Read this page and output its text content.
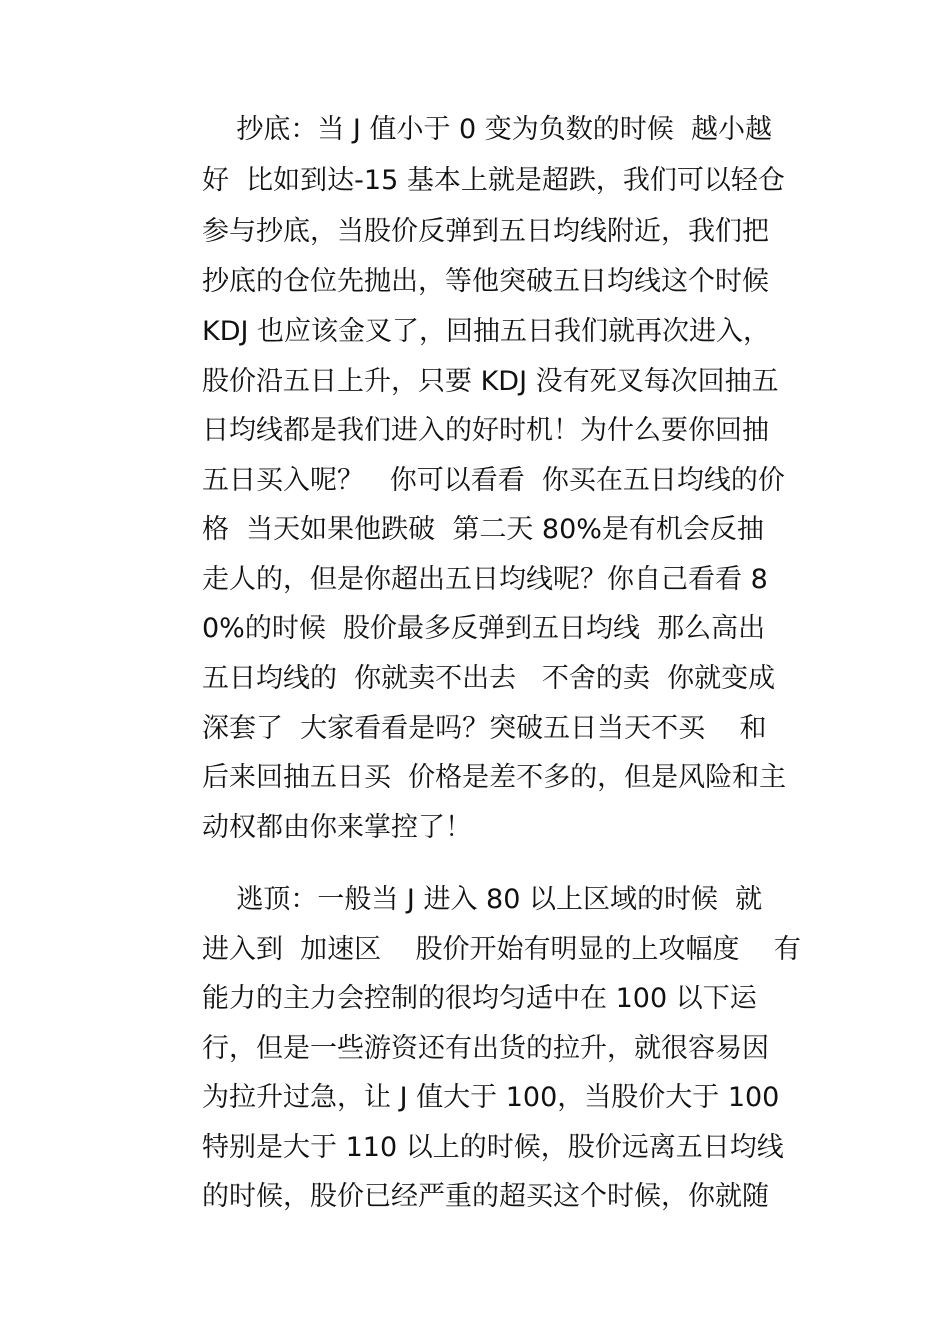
抄底：当 J 值小于 0 变为负数的时候  越小越
好  比如到达-15 基本上就是超跌，我们可以轻仓
参与抄底，当股价反弹到五日均线附近，我们把
抄底的仓位先抛出，等他突破五日均线这个时候
KDJ 也应该金叉了，回抽五日我们就再次进入，
股价沿五日上升，只要 KDJ 没有死叉每次回抽五
日均线都是我们进入的好时机！为什么要你回抽
五日买入呢？   你可以看看  你买在五日均线的价
格  当天如果他跌破  第二天 80%是有机会反抽
走人的，但是你超出五日均线呢？你自己看看 8
0%的时候  股价最多反弹到五日均线  那么高出
五日均线的  你就卖不出去   不舍的卖  你就变成
深套了  大家看看是吗？突破五日当天不买    和
后来回抽五日买  价格是差不多的，但是风险和主
动权都由你来掌控了！
逃顶：一般当 J 进入 80 以上区域的时候  就
进入到  加速区    股价开始有明显的上攻幅度    有
能力的主力会控制的很均匀适中在 100 以下运
行，但是一些游资还有出货的拉升，就很容易因
为拉升过急，让 J 值大于 100，当股价大于 100
特别是大于 110 以上的时候，股价远离五日均线
的时候，股价已经严重的超买这个时候，你就随
